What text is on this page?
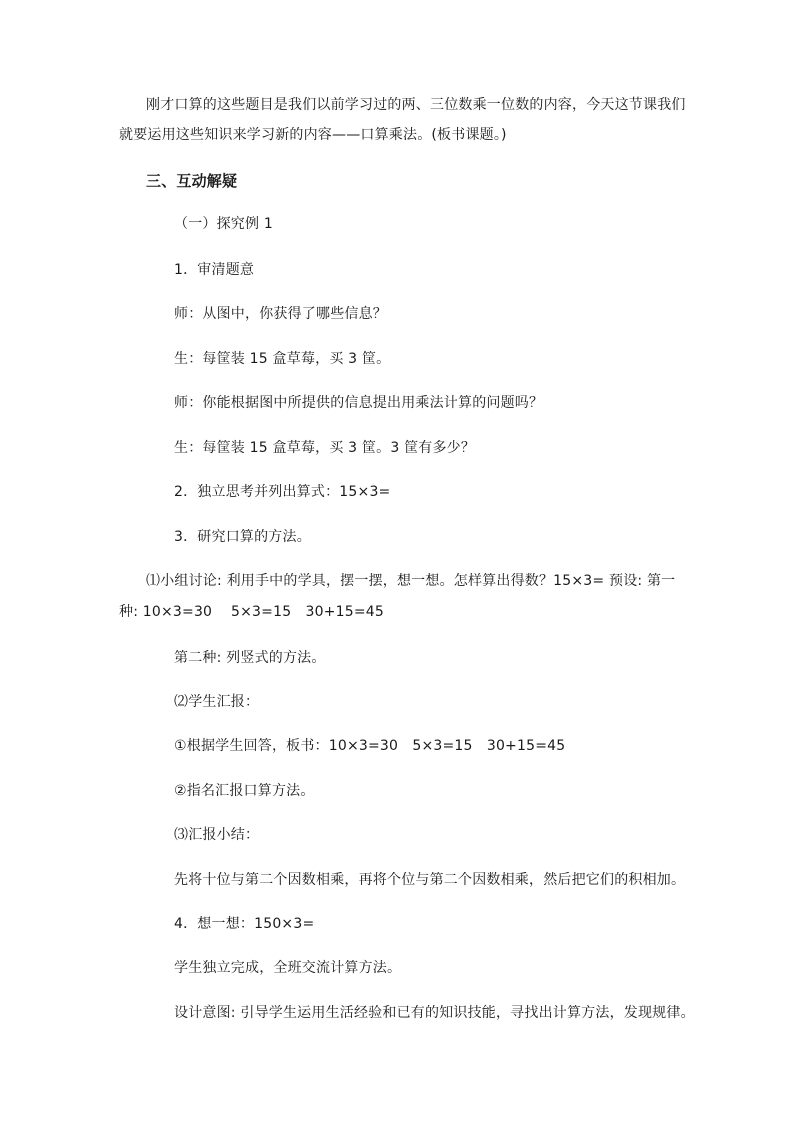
刚才口算的这些题目是我们以前学习过的两、三位数乘一位数的内容，今天这节课我们
就要运用这些知识来学习新的内容——口算乘法。(板书课题。)
三、互动解疑
（一）探究例 1
1．审清题意
师：从图中，你获得了哪些信息？
生：每筐装 15 盒草莓，买 3 筐。
师：你能根据图中所提供的信息提出用乘法计算的问题吗？
生：每筐装 15 盒草莓，买 3 筐。3 筐有多少？
2．独立思考并列出算式：15×3=
3．研究口算的方法。
⑴小组讨论: 利用手中的学具，摆一摆，想一想。怎样算出得数？15×3= 预设: 第一
种: 10×3=30　 5×3=15　30+15=45
第二种: 列竖式的方法。
⑵学生汇报：
①根据学生回答，板书：10×3=30　5×3=15　30+15=45
②指名汇报口算方法。
⑶汇报小结：
先将十位与第二个因数相乘，再将个位与第二个因数相乘，然后把它们的积相加。
4．想一想：150×3=
学生独立完成，全班交流计算方法。
设计意图: 引导学生运用生活经验和已有的知识技能，寻找出计算方法，发现规律。
